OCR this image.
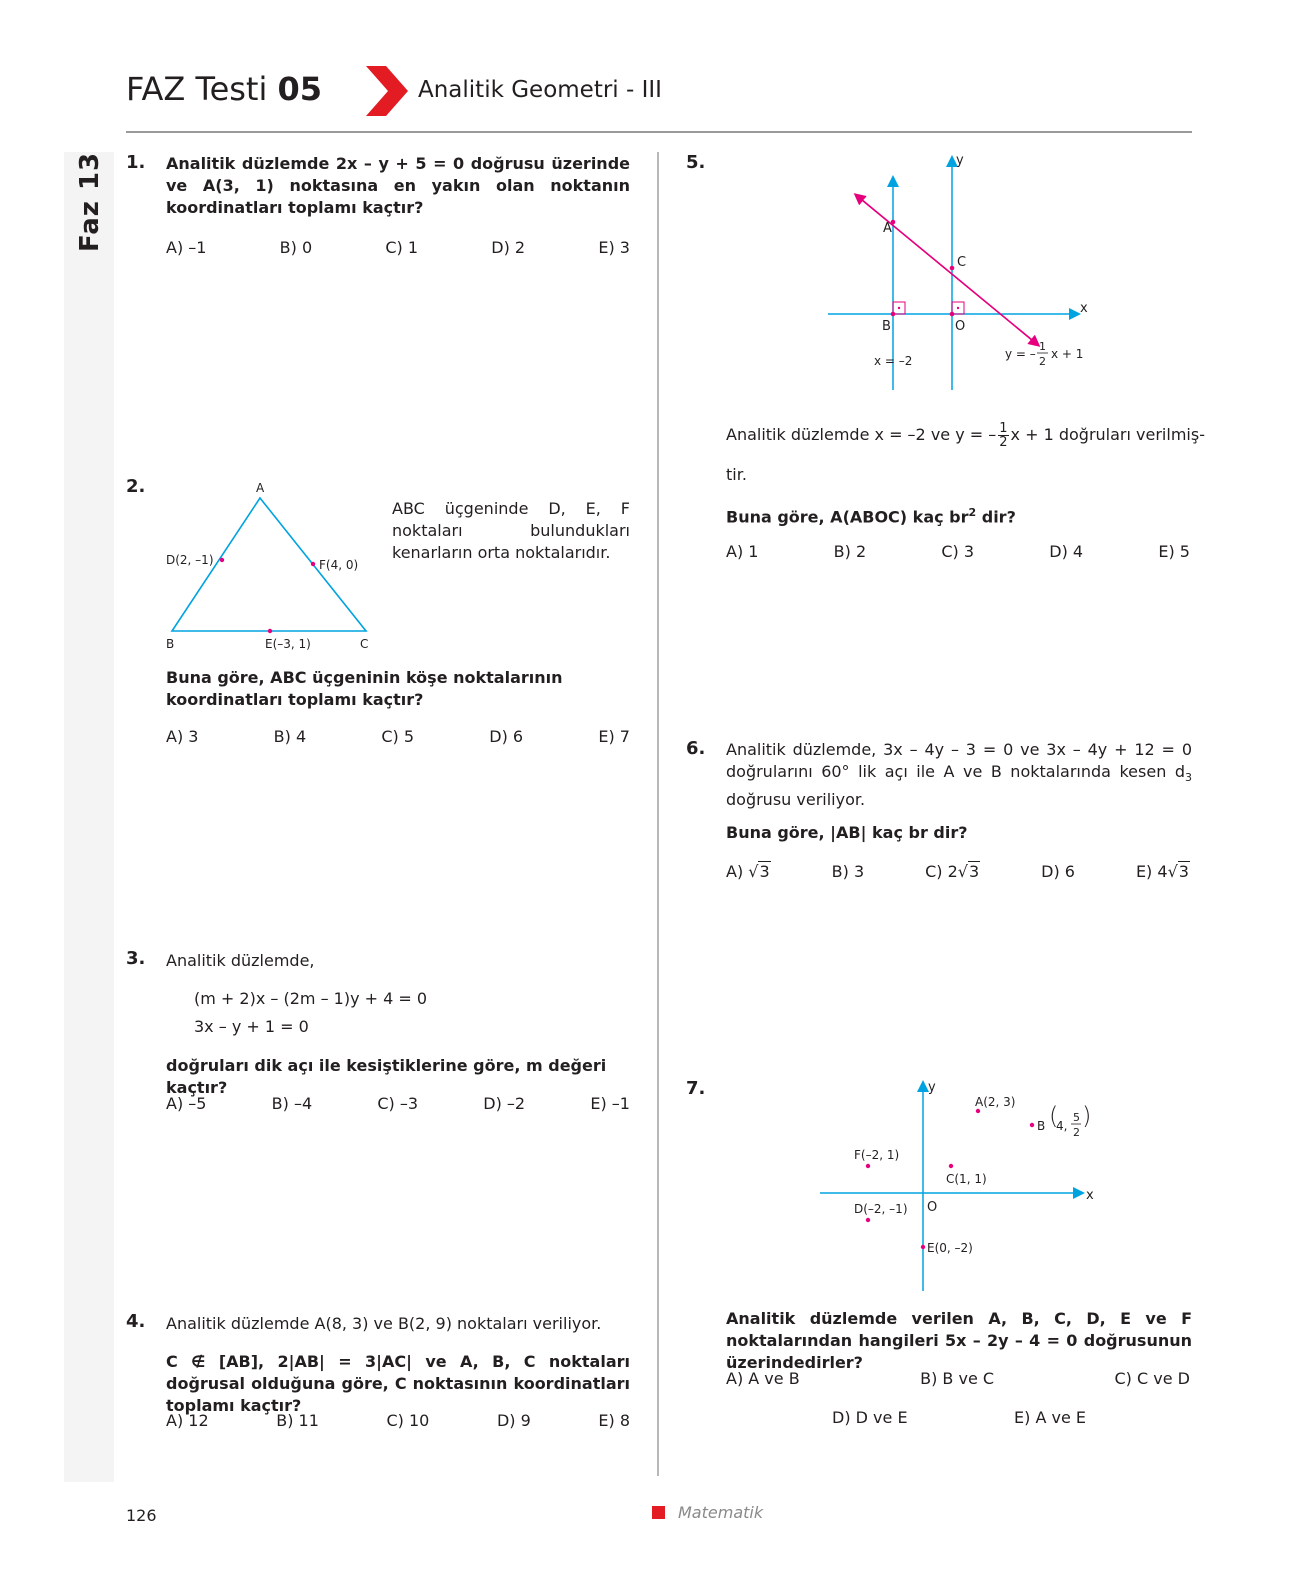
FAZ Testi 05	Analitik Geometri - III
Faz 13 1. Analitik düzlemde 2x – y + 5 = 0 doğrusu üzerinde ve A(3, 1) noktasına en yakın olan noktanın koordinatları toplamı kaçtır?
A) –1	B) 0	C) 1	D) 2	E) 3
2.	A
B	C
D(2, –1)	F(4, 0)
E(–3, 1)
ABC üçgeninde D, E, F noktaları bulundukları kenarların orta noktalarıdır.
Buna göre, ABC üçgeninin köşe noktalarının koordinatları toplamı kaçtır?
A) 3	B) 4	C) 5	D) 6	E) 7
3. Analitik düzlemde,
(m + 2)x – (2m – 1)y + 4 = 0
3x – y + 1 = 0
doğruları dik açı ile kesiştiklerine göre, m değeri kaçtır?
A) –5	B) –4	C) –3	D) –2	E) –1
4. Analitik düzlemde A(8, 3) ve B(2, 9) noktaları veriliyor.
C ∉ [AB], 2|AB| = 3|AC| ve A, B, C noktaları doğrusal olduğuna göre, C noktasının koordinatları toplamı kaçtır?
A) 12	B) 11	C) 10	D) 9	E) 8
5.	y
x
A
C
B	O
x = –2	y = –
1
2
x + 1
Analitik düzlemde x = –2 ve y = – $\frac{1}{2}$ x + 1 doğruları verilmiş-
tir.
Buna göre, A(ABOC) kaç $br^2$ dir?
A) 1	B) 2	C) 3	D) 4	E) 5
6. Analitik düzlemde, 3x – 4y – 3 = 0 ve 3x – 4y + 12 = 0 doğrularını 60° lik açı ile A ve B noktalarında kesen $d_3$ doğrusu veriliyor.
Buna göre, |AB| kaç br dir?
A) √3	B) 3	C) 2√3	D) 6	E) 4√3
7.	y
x
O
A(2, 3)
B (
4,
5
2
)
C(1, 1)
D(–2, –1)
E(0, –2)
F(–2, 1)
Analitik düzlemde verilen A, B, C, D, E ve F noktalarından hangileri 5x – 2y – 4 = 0 doğrusunun üzerindedirler?
A) A ve B	B) B ve C	C) C ve D
D) D ve E	E) A ve E
126	Matematik
